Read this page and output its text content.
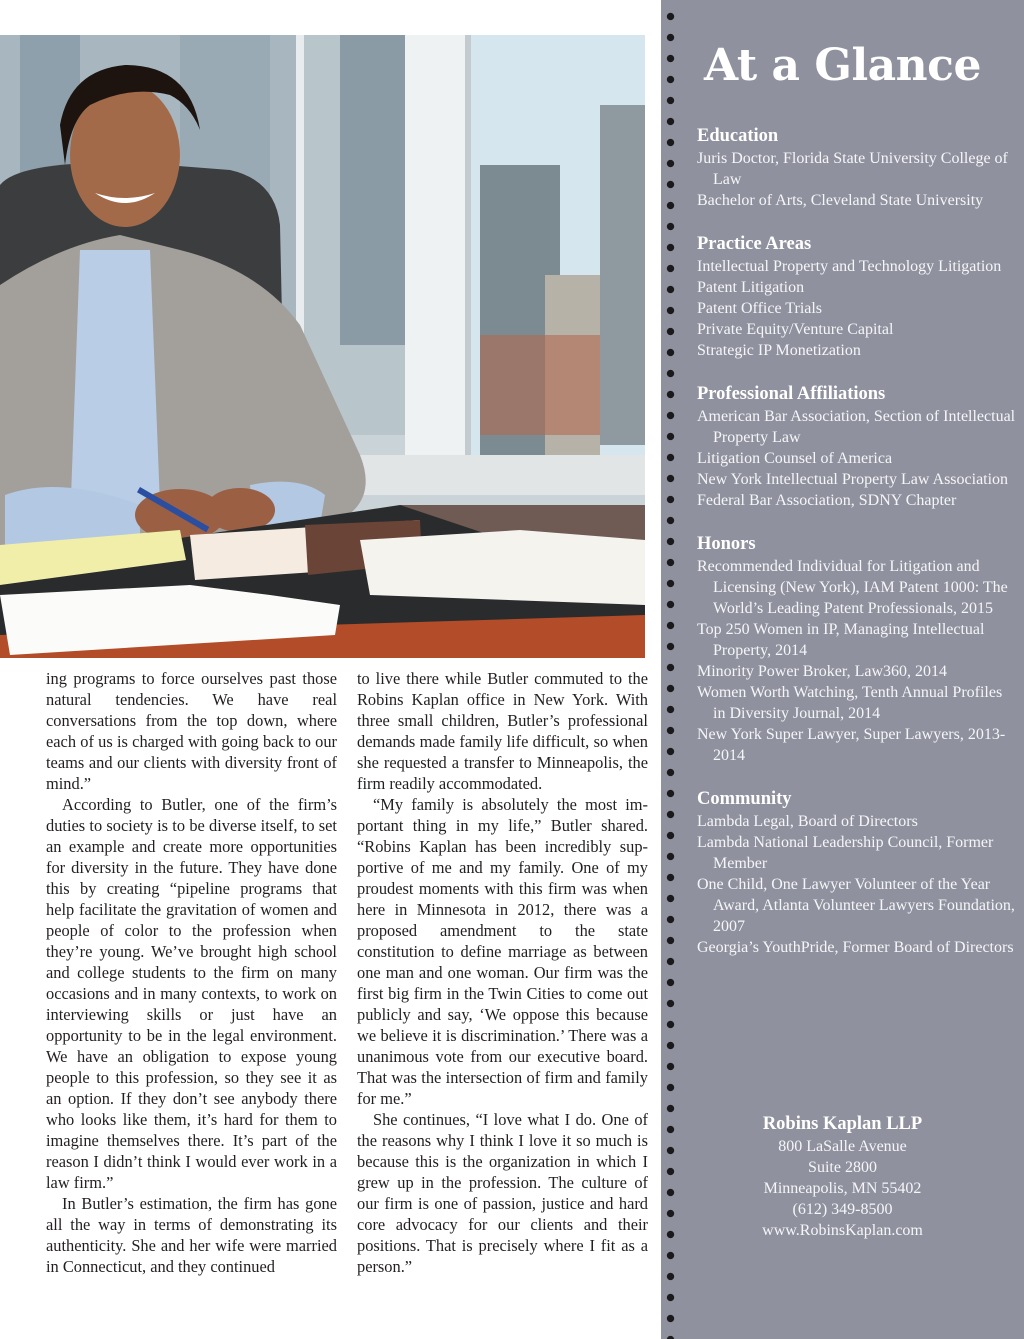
ing programs to force ourselves past those natural tendencies. We have real conversations from the top down, where each of us is charged with going back to our teams and our clients with diversity front of mind.”

According to Butler, one of the firm’s duties to society is to be diverse itself, to set an example and create more opportunities for diversity in the future. They have done this by creating “pipeline programs that help facilitate the gravitation of women and people of color to the profession when they’re young. We’ve brought high school and college students to the firm on many occasions and in many contexts, to work on interviewing skills or just have an opportunity to be in the legal environment. We have an obligation to expose young people to this profession, so they see it as an option. If they don’t see anybody there who looks like them, it’s hard for them to imagine themselves there. It’s part of the reason I didn’t think I would ever work in a law firm.”

In Butler’s estimation, the firm has gone all the way in terms of demonstrating its authenticity. She and her wife were married in Connecticut, and they continued

to live there while Butler commuted to the Robins Kaplan office in New York. With three small children, Butler’s professional demands made family life difficult, so when she requested a transfer to Minneapolis, the firm readily accommodated.

“My family is absolutely the most important thing in my life,” Butler shared. “Robins Kaplan has been incredibly supportive of me and my family. One of my proudest moments with this firm was when here in Minnesota in 2012, there was a proposed amendment to the state constitution to define marriage as between one man and one woman. Our firm was the first big firm in the Twin Cities to come out publicly and say, ‘We oppose this because we believe it is discrimination.’ There was a unanimous vote from our executive board. That was the intersection of firm and family for me.”

She continues, “I love what I do. One of the reasons why I think I love it so much is because this is the organization in which I grew up in the profession. The culture of our firm is one of passion, justice and hard core advocacy for our clients and their positions. That is precisely where I fit as a person.”

At a Glance
Education
Juris Doctor, Florida State University College of Law
Bachelor of Arts, Cleveland State University
Practice Areas
Intellectual Property and Technology Litigation
Patent Litigation
Patent Office Trials
Private Equity/Venture Capital
Strategic IP Monetization
Professional Affiliations
American Bar Association, Section of Intellectual Property Law
Litigation Counsel of America
New York Intellectual Property Law Association
Federal Bar Association, SDNY Chapter
Honors
Recommended Individual for Litigation and Licensing (New York), IAM Patent 1000: The World’s Leading Patent Professionals, 2015
Top 250 Women in IP, Managing Intellectual Property, 2014
Minority Power Broker, Law360, 2014
Women Worth Watching, Tenth Annual Profiles in Diversity Journal, 2014
New York Super Lawyer, Super Lawyers, 2013-2014
Community
Lambda Legal, Board of Directors
Lambda National Leadership Council, Former Member
One Child, One Lawyer Volunteer of the Year Award, Atlanta Volunteer Lawyers Foundation, 2007
Georgia’s YouthPride, Former Board of Directors
Robins Kaplan LLP
800 LaSalle Avenue
Suite 2800
Minneapolis, MN 55402
(612) 349-8500
www.RobinsKaplan.com
